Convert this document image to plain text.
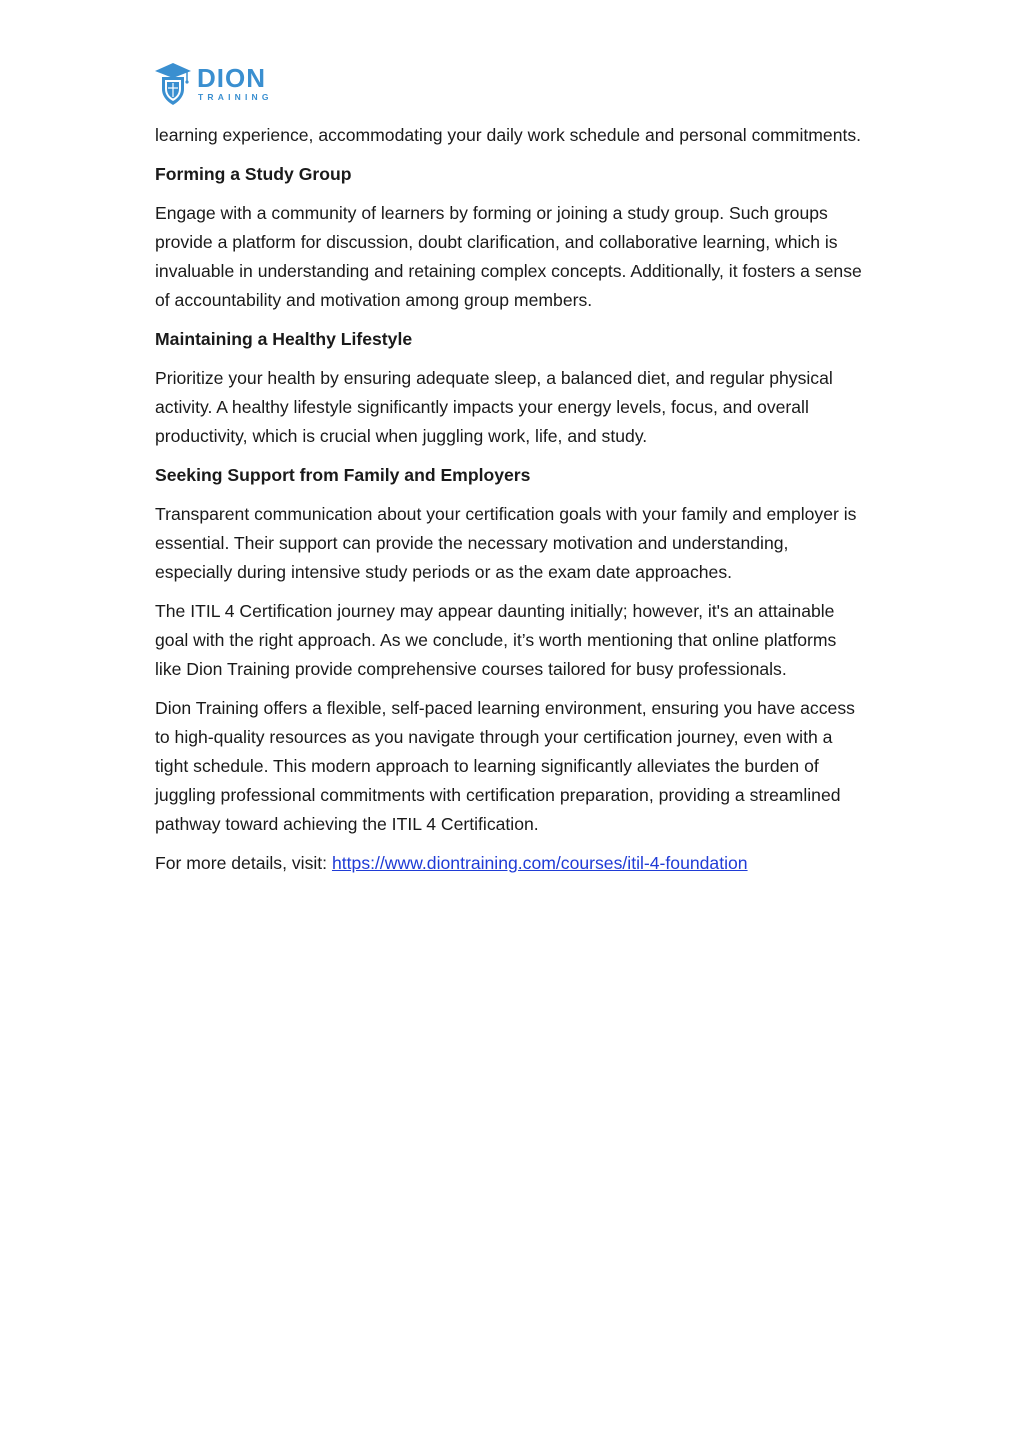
DION
TRAINING

learning experience, accommodating your daily work schedule and personal commitments.

Forming a Study Group

Engage with a community of learners by forming or joining a study group. Such groups provide a platform for discussion, doubt clarification, and collaborative learning, which is invaluable in understanding and retaining complex concepts. Additionally, it fosters a sense of accountability and motivation among group members.

Maintaining a Healthy Lifestyle

Prioritize your health by ensuring adequate sleep, a balanced diet, and regular physical activity. A healthy lifestyle significantly impacts your energy levels, focus, and overall productivity, which is crucial when juggling work, life, and study.

Seeking Support from Family and Employers

Transparent communication about your certification goals with your family and employer is essential. Their support can provide the necessary motivation and understanding, especially during intensive study periods or as the exam date approaches.

The ITIL 4 Certification journey may appear daunting initially; however, it's an attainable goal with the right approach. As we conclude, it’s worth mentioning that online platforms like Dion Training provide comprehensive courses tailored for busy professionals.

Dion Training offers a flexible, self-paced learning environment, ensuring you have access to high-quality resources as you navigate through your certification journey, even with a tight schedule. This modern approach to learning significantly alleviates the burden of juggling professional commitments with certification preparation, providing a streamlined pathway toward achieving the ITIL 4 Certification.

For more details, visit: https://www.diontraining.com/courses/itil-4-foundation
